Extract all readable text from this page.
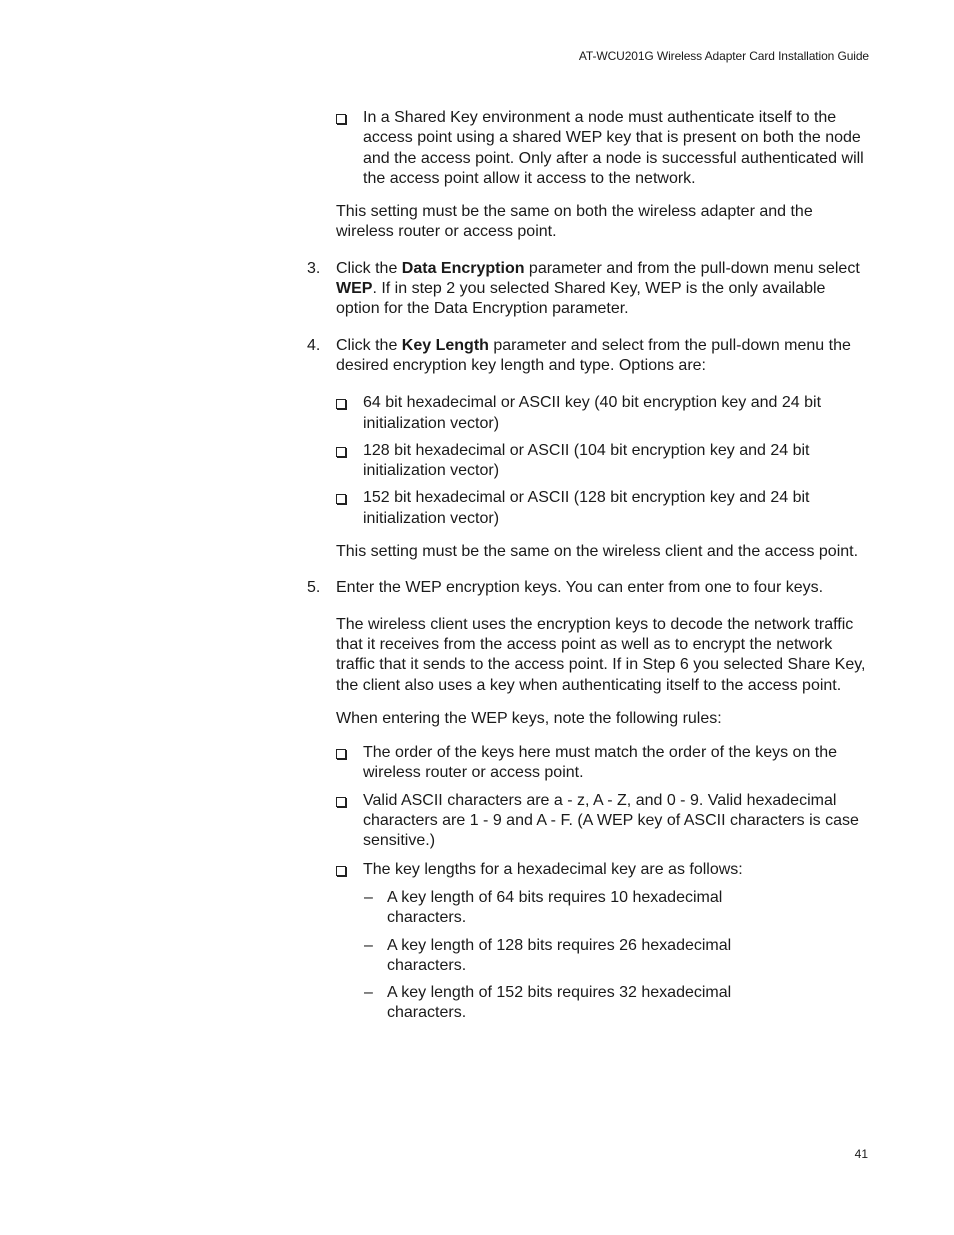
AT-WCU201G Wireless Adapter Card Installation Guide
In a Shared Key environment a node must authenticate itself to the access point using a shared WEP key that is present on both the node and the access point. Only after a node is successful authenticated will the access point allow it access to the network.

This setting must be the same on both the wireless adapter and the wireless router or access point.

3. Click the Data Encryption parameter and from the pull-down menu select WEP. If in step 2 you selected Shared Key, WEP is the only available option for the Data Encryption parameter.
4. Click the Key Length parameter and select from the pull-down menu the desired encryption key length and type. Options are:
64 bit hexadecimal or ASCII key (40 bit encryption key and 24 bit initialization vector)
128 bit hexadecimal or ASCII (104 bit encryption key and 24 bit initialization vector)
152 bit hexadecimal or ASCII (128 bit encryption key and 24 bit initialization vector)

This setting must be the same on the wireless client and the access point.

5. Enter the WEP encryption keys. You can enter from one to four keys.

The wireless client uses the encryption keys to decode the network traffic that it receives from the access point as well as to encrypt the network traffic that it sends to the access point. If in Step 6 you selected Share Key, the client also uses a key when authenticating itself to the access point.

When entering the WEP keys, note the following rules:

The order of the keys here must match the order of the keys on the wireless router or access point.
Valid ASCII characters are a - z, A - Z, and 0 - 9. Valid hexadecimal characters are 1 - 9 and A - F. (A WEP key of ASCII characters is case sensitive.)
The key lengths for a hexadecimal key are as follows:
– A key length of 64 bits requires 10 hexadecimal characters.
– A key length of 128 bits requires 26 hexadecimal characters.
– A key length of 152 bits requires 32 hexadecimal characters.
41
